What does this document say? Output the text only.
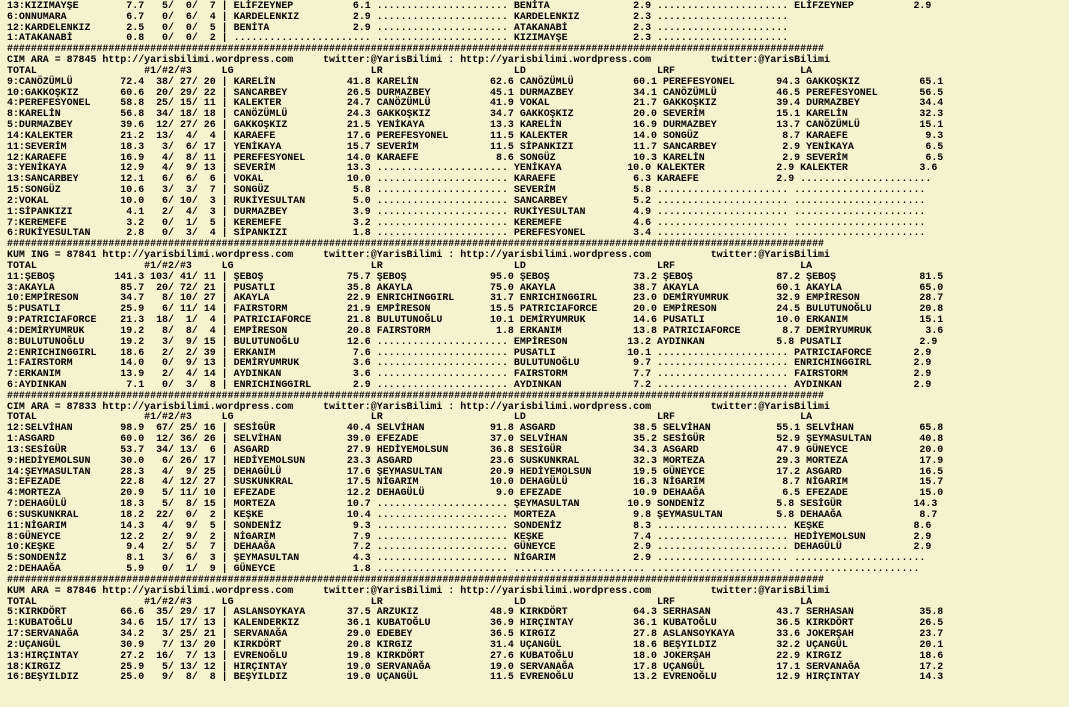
13:KIZIMAYŞE        7.7   5/  0/  7 | ELİFZEYNEP          6.1 ...................... BENİTA              2.9 ...................... ELİFZEYNEP          2.9
6:ONNUMARA          6.7   0/  6/  4 | KARDELENKIZ         2.9 ...................... KARDELENKIZ         2.3 ......................
12:KARDELENKIZ      2.5   0/  0/  5 | BENİTA              2.9 ...................... ATAKANABİ           2.3 ......................
1:ATAKANABİ         0.8   0/  0/  2 | ....................... ...................... KIZIMAYŞE           2.3 ......................
#########################################################################################################################################
CIM ARA = 87845 http://yarisbilimi.wordpress.com     twitter:@YarisBilimi : http://yarisbilimi.wordpress.com          twitter:@YarisBilimi
TOTAL                  #1/#2/#3     LG                       LR                      LD                      LRF                     LA
9:CANÖZÜMLÜ        72.4  38/ 27/ 20 | KARELİN            41.8 KARELİN            62.6 CANÖZÜMLÜ          60.1 PEREFESYONEL       94.3 GAKKOŞKIZ          65.1
10:GAKKOŞKIZ       60.6  20/ 29/ 22 | SANCARBEY          26.5 DURMAZBEY          45.1 DURMAZBEY          34.1 CANÖZÜMLÜ          46.5 PEREFESYONEL       56.5
4:PEREFESYONEL     58.8  25/ 15/ 11 | KALEKTER           24.7 CANÖZÜMLÜ          41.9 VOKAL              21.7 GAKKOŞKIZ          39.4 DURMAZBEY          34.4
8:KARELİN          56.8  34/ 18/ 18 | CANÖZÜMLÜ          24.3 GAKKOŞKIZ          34.7 GAKKOŞKIZ          20.0 SEVERİM            15.1 KARELİN            32.3
5:DURMAZBEY        39.6  12/ 27/ 26 | GAKKOŞKIZ          21.5 YENİKAYA           13.3 KARELİN            16.9 DURMAZBEY          13.7 CANÖZÜMLÜ          15.1
14:KALEKTER        21.2  13/  4/  4 | KARAEFE            17.6 PEREFESYONEL       11.5 KALEKTER           14.0 SONGÜZ              8.7 KARAEFE             9.3
11:SEVERİM         18.3   3/  6/ 17 | YENİKAYA           15.7 SEVERİM            11.5 SİPANKIZI          11.7 SANCARBEY           2.9 YENİKAYA            6.5
12:KARAEFE         16.9   4/  8/ 11 | PEREFESYONEL       14.0 KARAEFE             8.6 SONGÜZ             10.3 KARELİN             2.9 SEVERİM             6.5
3:YENİKAYA         12.9   4/  9/ 13 | SEVERİM            13.3 ...................... YENİKAYA           10.0 KALEKTER            2.9 KALEKTER            3.6
13:SANCARBEY       12.1   6/  6/  6 | VOKAL              10.0 ...................... KARAEFE             6.3 KARAEFE             2.9 ......................
15:SONGÜZ          10.6   3/  3/  7 | SONGÜZ              5.8 ...................... SEVERİM             5.8 ...................... ......................
2:VOKAL            10.0   6/ 10/  3 | RUKİYESULTAN        5.0 ...................... SANCARBEY           5.2 ...................... ......................
1:SİPANKIZI         4.1   2/  4/  3 | DURMAZBEY           3.9 ...................... RUKİYESULTAN        4.9 ...................... ......................
7:KEREMEFE          3.2   0/  1/  5 | KEREMEFE            3.2 ...................... KEREMEFE            4.6 ...................... ......................
6:RUKİYESULTAN      2.8   0/  3/  4 | SİPANKIZI           1.8 ...................... PEREFESYONEL        3.4 ...................... ......................
#########################################################################################################################################
KUM ING = 87841 http://yarisbilimi.wordpress.com     twitter:@YarisBilimi : http://yarisbilimi.wordpress.com          twitter:@YarisBilimi
TOTAL                  #1/#2/#3     LG                       LR                      LD                      LRF                     LA
11:ŞEBOŞ          141.3 103/ 41/ 11 | ŞEBOŞ              75.7 ŞEBOŞ              95.0 ŞEBOŞ              73.2 ŞEBOŞ              87.2 ŞEBOŞ              81.5
3:AKAYLA           85.7  20/ 72/ 21 | PUSATLI            35.8 AKAYLA             75.0 AKAYLA             38.7 AKAYLA             60.1 AKAYLA             65.0
10:EMPİRESON       34.7   8/ 10/ 27 | AKAYLA             22.9 ENRICHINGGIRL      31.7 ENRICHINGGIRL      23.0 DEMİRYUMRUK        32.9 EMPİRESON          28.7
5:PUSATLI          25.9   6/ 11/ 14 | FAIRSTORM          21.9 EMPİRESON          15.5 PATRICIAFORCE      20.0 EMPİRESON          24.5 BULUTUNOĞLU        20.8
9:PATRICIAFORCE    21.3  18/  1/  4 | PATRICIAFORCE      21.8 BULUTUNOĞLU        10.1 DEMİRYUMRUK        14.6 PUSATLI            10.0 ERKANIM            15.1
4:DEMİRYUMRUK      19.2   8/  8/  4 | EMPİRESON          20.8 FAIRSTORM           1.8 ERKANIM            13.8 PATRICIAFORCE       8.7 DEMİRYUMRUK         3.6
8:BULUTUNOĞLU      19.2   3/  9/ 15 | BULUTUNOĞLU        12.6 ...................... EMPİRESON          13.2 AYDINKAN            5.8 PUSATLI             2.9
2:ENRICHINGGIRL    18.6   2/  2/ 39 | ERKANIM             7.6 ...................... PUSATLI            10.1 ...................... PATRICIAFORCE       2.9
1:FAIRSTORM        14.0   0/  9/ 13 | DEMİRYUMRUK         3.6 ...................... BULUTUNOĞLU         9.7 ...................... ENRICHINGGIRL       2.9
7:ERKANIM          13.9   2/  4/ 14 | AYDINKAN            3.6 ...................... FAIRSTORM           7.7 ...................... FAIRSTORM           2.9
6:AYDINKAN          7.1   0/  3/  8 | ENRICHINGGIRL       2.9 ...................... AYDINKAN            7.2 ...................... AYDINKAN            2.9
#########################################################################################################################################
CIM ARA = 87833 http://yarisbilimi.wordpress.com     twitter:@YarisBilimi : http://yarisbilimi.wordpress.com          twitter:@YarisBilimi
TOTAL                  #1/#2/#3     LG                       LR                      LD                      LRF                     LA
12:SELVİHAN        98.9  67/ 25/ 16 | SESİGÜR            40.4 SELVİHAN           91.8 ASGARD             38.5 SELVİHAN           55.1 SELVİHAN           65.8
1:ASGARD           60.0  12/ 36/ 26 | SELVİHAN           39.0 EFEZADE            37.0 SELVİHAN           35.2 SESİGÜR            52.9 ŞEYMASULTAN        40.8
13:SESİGÜR         53.7  34/ 13/  6 | ASGARD             27.9 HEDİYEMOLSUN       36.8 SESİGÜR            34.3 ASGARD             47.9 GÜNEYCE            20.0
9:HEDİYEMOLSUN     30.0   6/ 26/ 17 | HEDİYEMOLSUN       23.3 ASGARD             23.6 SUSKUNKRAL         32.3 MORTEZA            29.3 MORTEZA            17.9
14:ŞEYMASULTAN     28.3   4/  9/ 25 | DEHAGÜLÜ           17.6 ŞEYMASULTAN        20.9 HEDİYEMOLSUN       19.5 GÜNEYCE            17.2 ASGARD             16.5
3:EFEZADE          22.8   4/ 12/ 27 | SUSKUNKRAL         17.5 NİGARIM            10.0 DEHAGÜLÜ           16.3 NİGARIM             8.7 NİGARIM            15.7
4:MORTEZA          20.9   5/ 11/ 10 | EFEZADE            12.2 DEHAGÜLÜ            9.0 EFEZADE            10.9 DEHAAĞA             6.5 EFEZADE            15.0
7:DEHAGÜLÜ         18.3   5/  8/ 15 | MORTEZA            10.7 ...................... ŞEYMASULTAN        10.9 SONDENİZ            5.8 SESİGÜR            14.3
6:SUSKUNKRAL       18.2  22/  0/  2 | KEŞKE              10.4 ...................... MORTEZA             9.8 ŞEYMASULTAN         5.8 DEHAAĞA             8.7
11:NİGARIM         14.3   4/  9/  5 | SONDENİZ            9.3 ...................... SONDENİZ            8.3 ...................... KEŞKE               8.6
8:GÜNEYCE          12.2   2/  9/  2 | NİGARIM             7.9 ...................... KEŞKE               7.4 ...................... HEDİYEMOLSUN        2.9
10:KEŞKE            9.4   2/  5/  7 | DEHAAĞA             7.2 ...................... GÜNEYCE             2.9 ...................... DEHAGÜLÜ            2.9
5:SONDENİZ          8.1   3/  6/  3 | ŞEYMASULTAN         4.3 ...................... NİGARIM             2.9 ...................... ......................
2:DEHAAĞA           5.9   0/  1/  9 | GÜNEYCE             1.8 ...................... ...................... ...................... ......................
#########################################################################################################################################
KUM ARA = 87846 http://yarisbilimi.wordpress.com     twitter:@YarisBilimi : http://yarisbilimi.wordpress.com          twitter:@YarisBilimi
TOTAL                  #1/#2/#3     LG                       LR                      LD                      LRF                     LA
5:KIRKDÖRT         66.6  35/ 29/ 17 | ASLANSOYKAYA       37.5 ARZUKIZ            48.9 KIRKDÖRT           64.3 SERHASAN           43.7 SERHASAN           35.8
1:KUBATOĞLU        34.6  15/ 17/ 13 | KALENDERKIZ        36.1 KUBATOĞLU          36.9 HIRÇINTAY          36.1 KUBATOĞLU          36.5 KIRKDÖRT           26.5
17:SERVANAĞA       34.2   3/ 25/ 21 | SERVANAĞA          29.0 EDEBEY             36.5 KIRGIZ             27.8 ASLANSOYKAYA       33.6 JOKERŞAH           23.7
2:UÇANGÜL          30.9   7/ 13/ 20 | KIRKDÖRT           20.8 KIRGIZ             31.4 UÇANGÜL            18.6 BEŞYILDIZ          32.2 UÇANGÜL            20.1
13:HIRÇINTAY       27.2  16/  7/ 13 | EVRENOĞLU          19.8 KIRKDÖRT           27.6 KUBATOĞLU          18.0 JOKERŞAH           22.9 KIRGIZ             18.6
18:KIRGIZ          25.9   5/ 13/ 12 | HIRÇINTAY          19.0 SERVANAĞA          19.0 SERVANAĞA          17.8 UÇANGÜL            17.1 SERVANAĞA          17.2
16:BEŞYILDIZ       25.0   9/  8/  8 | BEŞYILDIZ          19.0 UÇANGÜL            11.5 EVRENOĞLU          13.2 EVRENOĞLU          12.9 HIRÇINTAY          14.3
